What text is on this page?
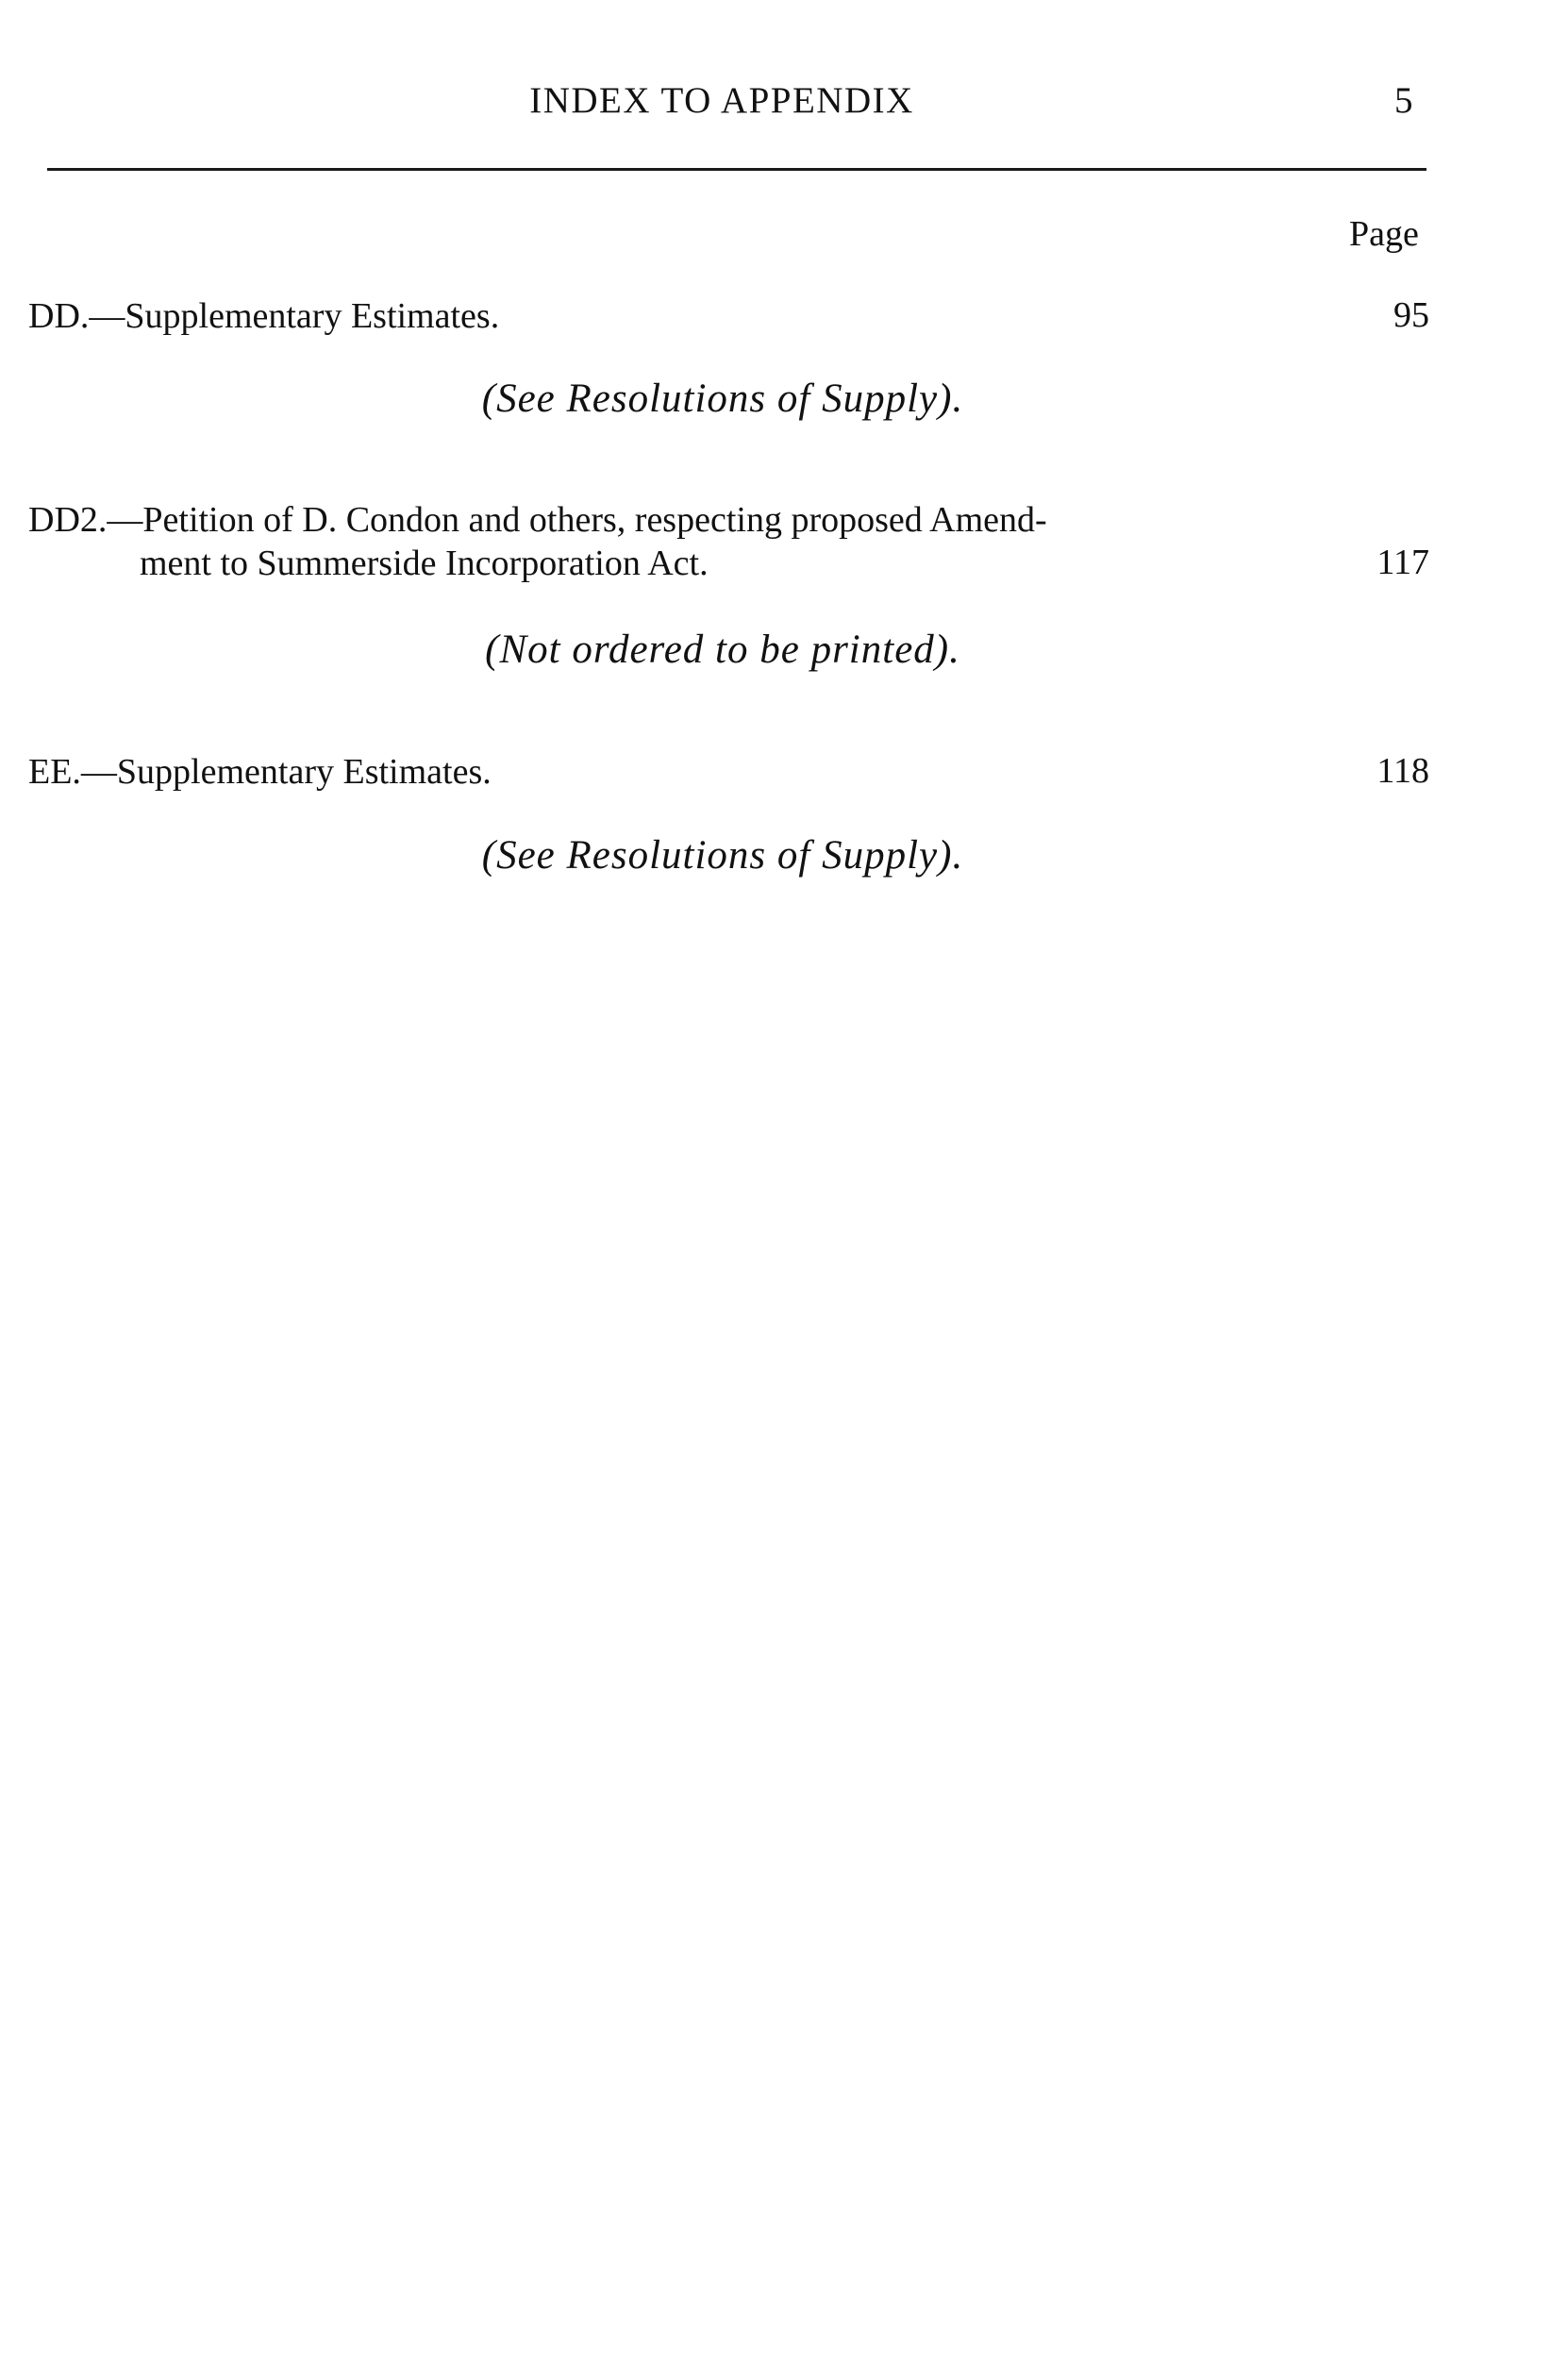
INDEX TO APPENDIX	5
Page
DD.—Supplementary Estimates.	95
(See Resolutions of Supply).
DD2.—Petition of D. Condon and others, respecting proposed Amend-
ment to Summerside Incorporation Act.	117
(Not ordered to be printed).
EE.—Supplementary Estimates.	118
(See Resolutions of Supply).
